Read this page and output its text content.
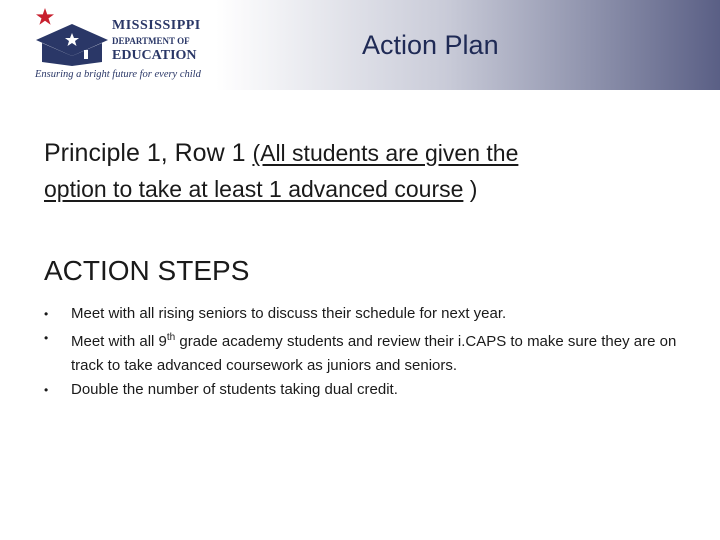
MISSISSIPPI
DEPARTMENT OF
EDUCATION
Ensuring a bright future for every child
Action Plan
Principle 1, Row 1 (All students are given the
option to take at least 1 advanced course )
ACTION STEPS
• Meet with all rising seniors to discuss their schedule for next year.
• Meet with all 9th grade academy students and review their i.CAPS to make sure they are on track to take advanced coursework as juniors and seniors.
• Double the number of students taking dual credit.
